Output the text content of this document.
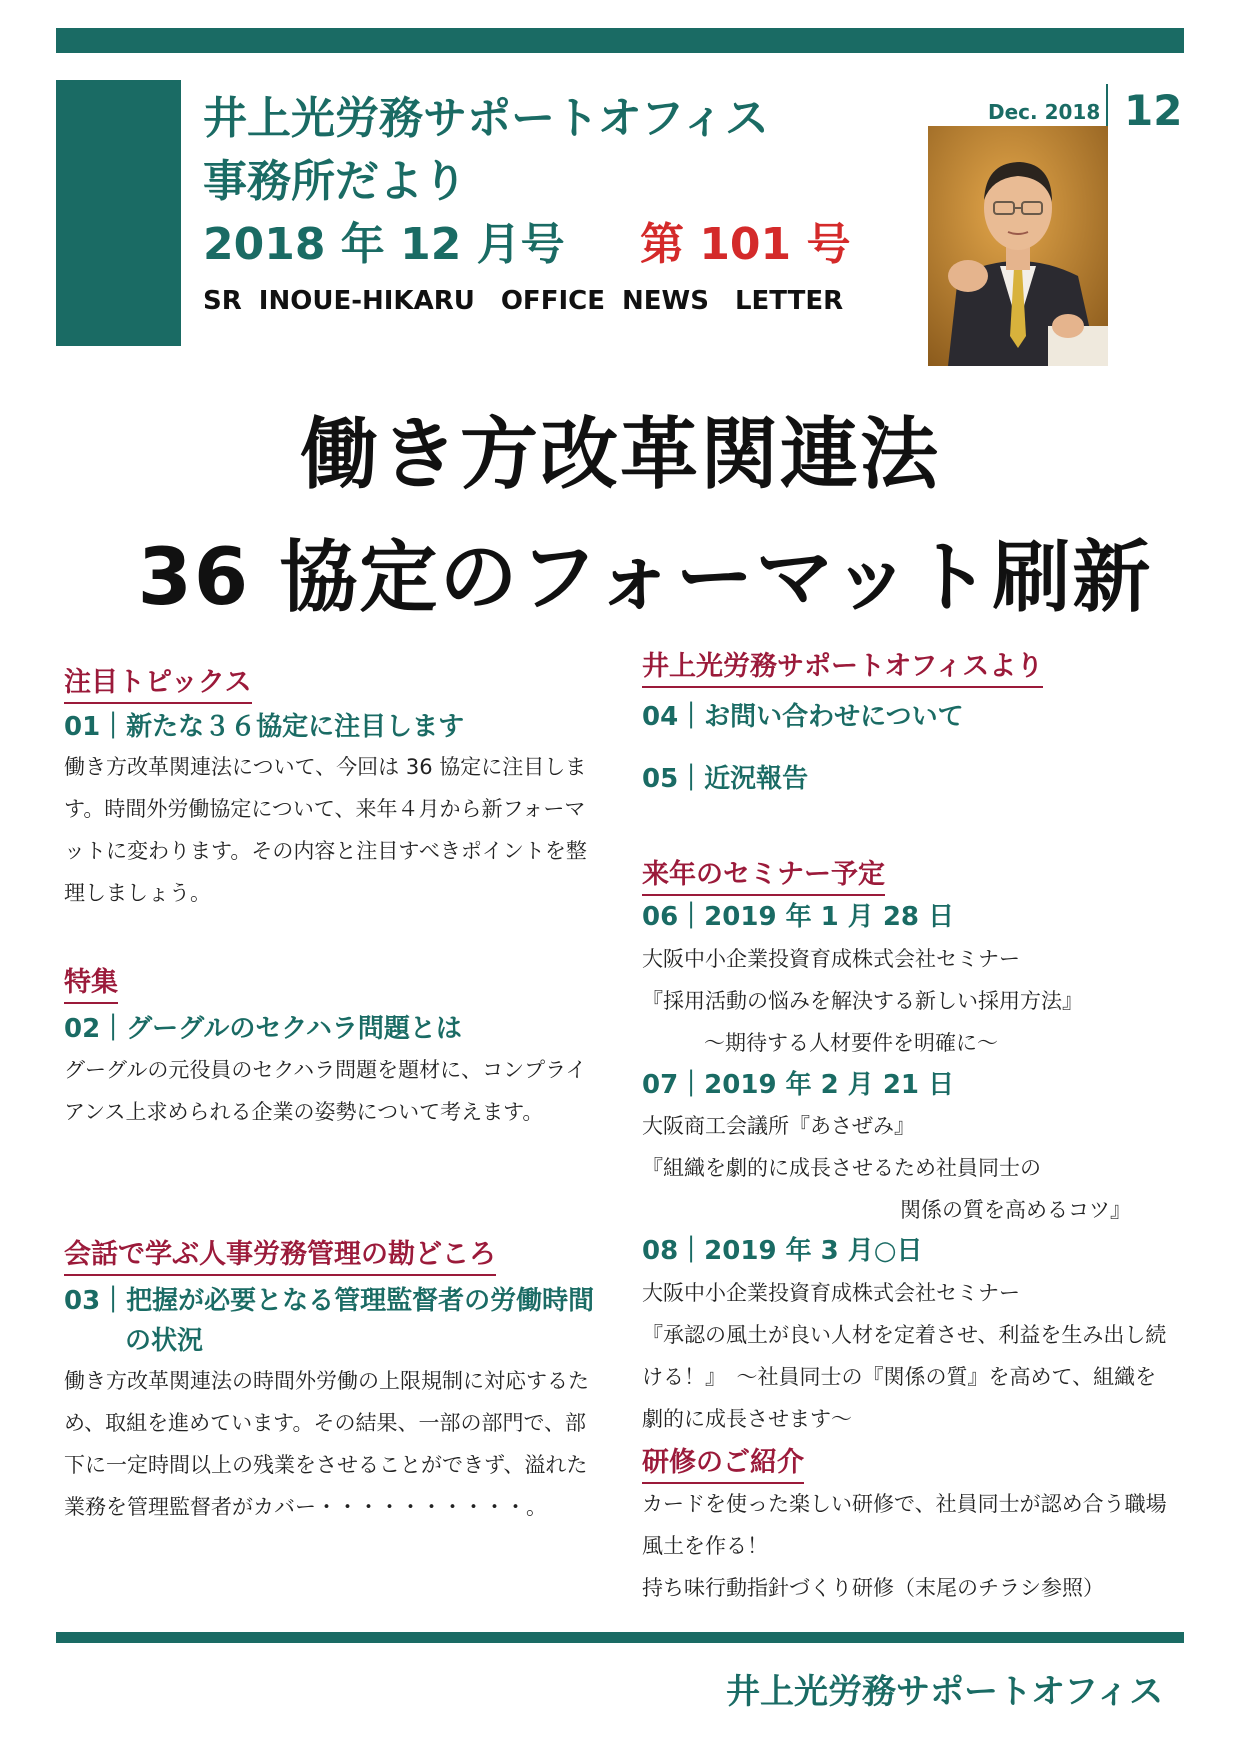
井上光労務サポートオフィス
事務所だより
2018 年 12 月号 第 101 号
SR INOUE-HIKARU　OFFICE NEWS　LETTER
Dec. 2018 12
働き方改革関連法
36 協定のフォーマット刷新
注目トピックス
01｜新たな３６協定に注目します
働き方改革関連法について、今回は 36 協定に注目します。時間外労働協定について、来年４月から新フォーマットに変わります。その内容と注目すべきポイントを整理しましょう。
特集
02｜グーグルのセクハラ問題とは
グーグルの元役員のセクハラ問題を題材に、コンプライアンス上求められる企業の姿勢について考えます。
会話で学ぶ人事労務管理の勘どころ
03｜把握が必要となる管理監督者の労働時間
の状況
働き方改革関連法の時間外労働の上限規制に対応するため、取組を進めています。その結果、一部の部門で、部下に一定時間以上の残業をさせることができず、溢れた業務を管理監督者がカバー・・・・・・・・・・。
井上光労務サポートオフィスより
04｜お問い合わせについて
05｜近況報告
来年のセミナー予定
06｜2019 年 1 月 28 日
大阪中小企業投資育成株式会社セミナー
『採用活動の悩みを解決する新しい採用方法』
～期待する人材要件を明確に～
07｜2019 年 2 月 21 日
大阪商工会議所『あさぜみ』
『組織を劇的に成長させるため社員同士の
関係の質を高めるコツ』
08｜2019 年 3 月○日
大阪中小企業投資育成株式会社セミナー
『承認の風土が良い人材を定着させ、利益を生み出し続
ける！』　～社員同士の『関係の質』を高めて、組織を
劇的に成長させます～
研修のご紹介
カードを使った楽しい研修で、社員同士が認め合う職場
風土を作る！
持ち味行動指針づくり研修（末尾のチラシ参照）
井上光労務サポートオフィス
